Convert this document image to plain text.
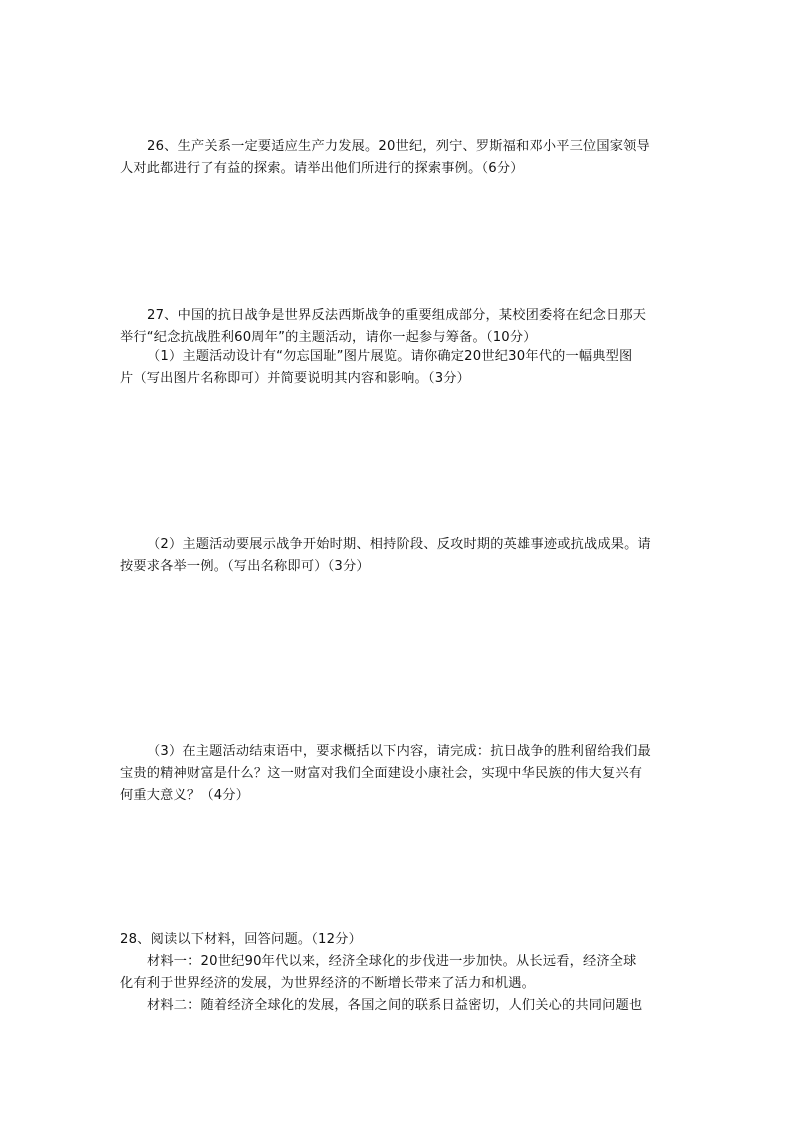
26、生产关系一定要适应生产力发展。20世纪，列宁、罗斯福和邓小平三位国家领导
人对此都进行了有益的探索。请举出他们所进行的探索事例。（6分）
27、中国的抗日战争是世界反法西斯战争的重要组成部分，某校团委将在纪念日那天
举行“纪念抗战胜利60周年”的主题活动，请你一起参与筹备。（10分）
（1）主题活动设计有“勿忘国耻”图片展览。请你确定20世纪30年代的一幅典型图
片（写出图片名称即可）并简要说明其内容和影响。（3分）
（2）主题活动要展示战争开始时期、相持阶段、反攻时期的英雄事迹或抗战成果。请
按要求各举一例。（写出名称即可）（3分）
（3）在主题活动结束语中，要求概括以下内容，请完成：抗日战争的胜利留给我们最
宝贵的精神财富是什么？这一财富对我们全面建设小康社会，实现中华民族的伟大复兴有
何重大意义？（4分）
28、阅读以下材料，回答问题。（12分）
材料一：20世纪90年代以来，经济全球化的步伐进一步加快。从长远看，经济全球
化有利于世界经济的发展，为世界经济的不断增长带来了活力和机遇。
材料二：随着经济全球化的发展，各国之间的联系日益密切，人们关心的共同问题也
